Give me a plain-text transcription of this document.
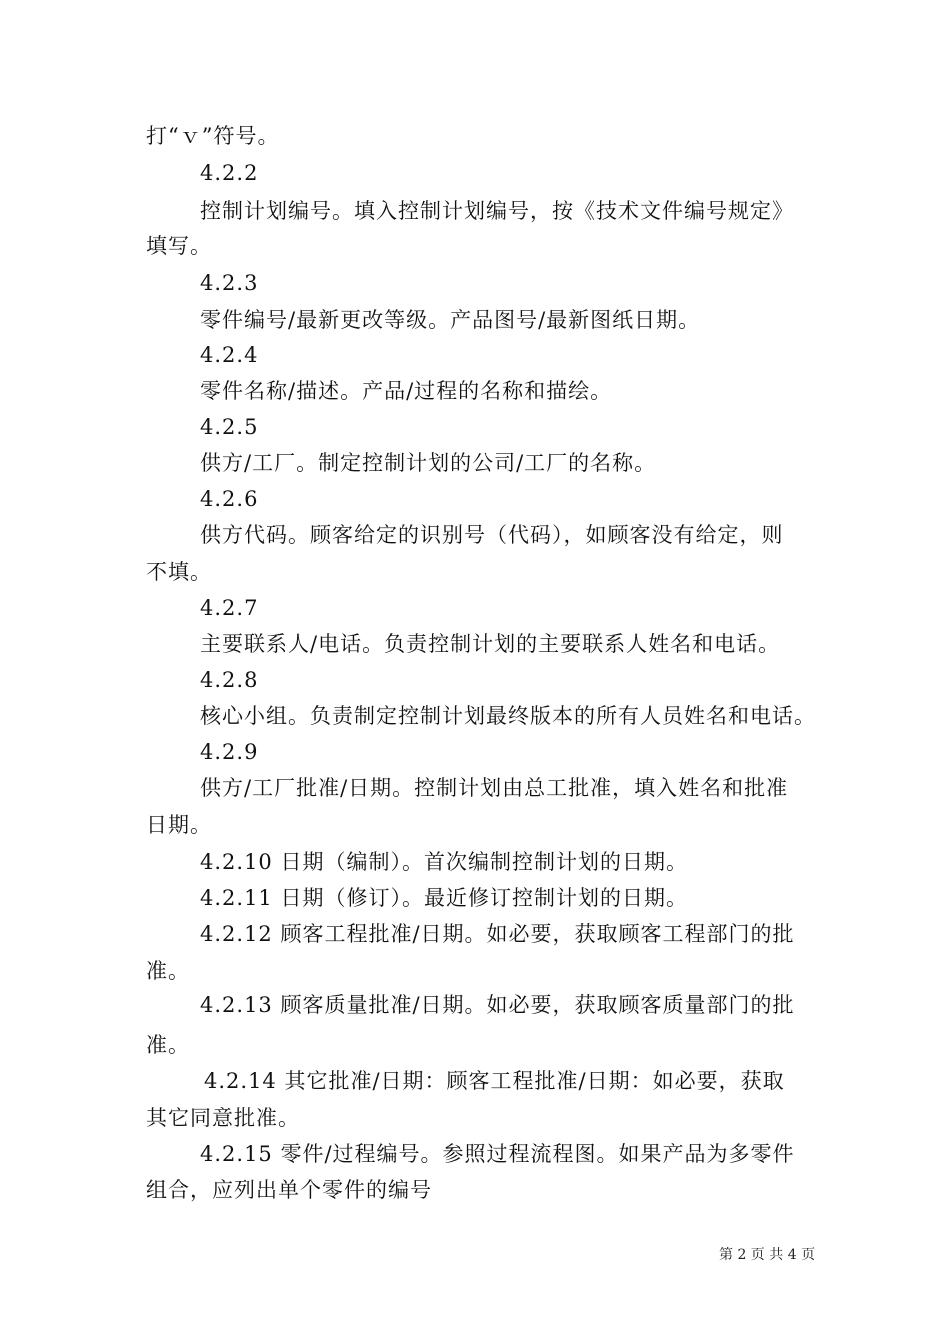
打“ｖ”符号。
4.2.2
控制计划编号。填入控制计划编号，按《技术文件编号规定》
填写。
4.2.3
零件编号/最新更改等级。产品图号/最新图纸日期。
4.2.4
零件名称/描述。产品/过程的名称和描绘。
4.2.5
供方/工厂。制定控制计划的公司/工厂的名称。
4.2.6
供方代码。顾客给定的识别号（代码），如顾客没有给定，则
不填。
4.2.7
主要联系人/电话。负责控制计划的主要联系人姓名和电话。
4.2.8
核心小组。负责制定控制计划最终版本的所有人员姓名和电话。
4.2.9
供方/工厂批准/日期。控制计划由总工批准，填入姓名和批准
日期。
4.2.10 日期（编制）。首次编制控制计划的日期。
4.2.11 日期（修订）。最近修订控制计划的日期。
4.2.12 顾客工程批准/日期。如必要，获取顾客工程部门的批
准。
4.2.13 顾客质量批准/日期。如必要，获取顾客质量部门的批
准。
4.2.14 其它批准/日期：顾客工程批准/日期：如必要，获取
其它同意批准。
4.2.15 零件/过程编号。参照过程流程图。如果产品为多零件
组合，应列出单个零件的编号
第 2 页 共 4 页
